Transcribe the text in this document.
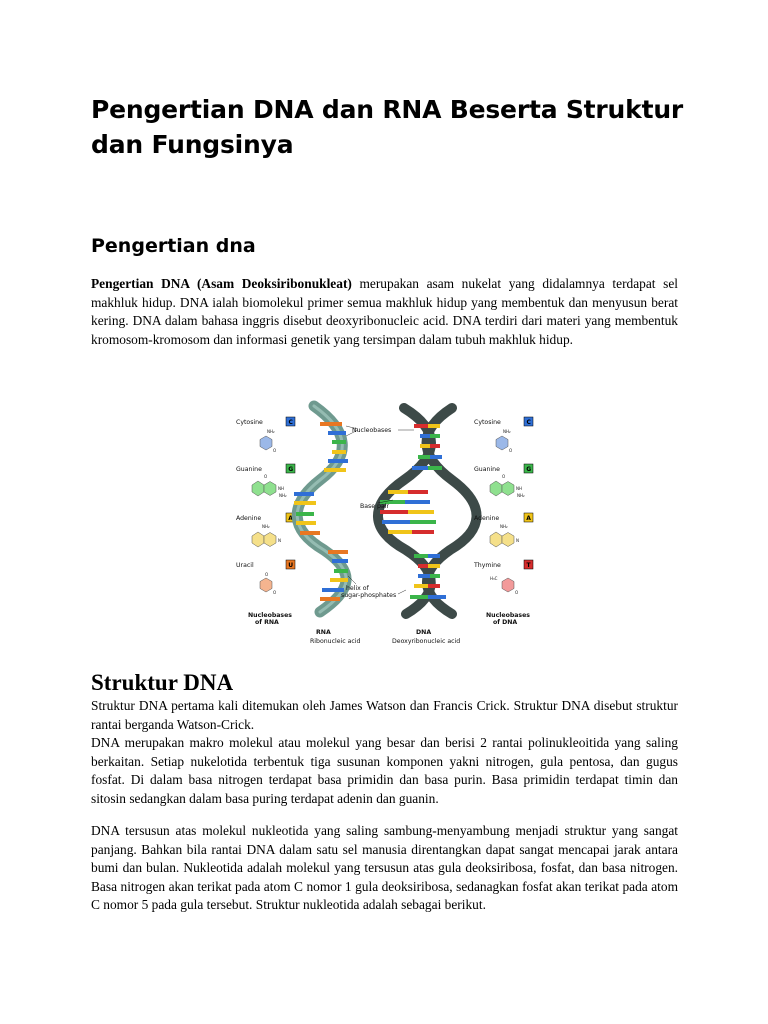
Pengertian DNA dan RNA Beserta Struktur dan Fungsinya
Pengertian dna

Pengertian DNA (Asam Deoksiribonukleat) merupakan asam nukelat yang didalamnya terdapat sel makhluk hidup. DNA ialah biomolekul primer semua makhluk hidup yang membentuk dan menyusun berat kering. DNA dalam bahasa inggris disebut deoxyribonucleic acid. DNA terdiri dari materi yang membentuk kromosom-kromosom dan informasi genetik yang tersimpan dalam tubuh makhluk hidup.

Cytosine	C
NH₂
O
Guanine	G
O
NH
NH₂
Adenine	A
NH₂
N
Uracil	U
O
O
Nucleobases
of RNA
Nucleobases
Base pair
helix of
sugar-phosphates
RNA
Ribonucleic acid
DNA
Deoxyribonucleic acid
Cytosine	C
NH₂
O
Guanine	G
O
NH
NH₂
Adenine	A
NH₂
N
Thymine	T
H₃C
O
Nucleobases
of DNA
Struktur DNA

Struktur DNA pertama kali ditemukan oleh James Watson dan Francis Crick. Struktur DNA disebut struktur rantai berganda Watson-Crick.

DNA merupakan makro molekul atau molekul yang besar dan berisi 2 rantai polinukleoitida yang saling berkaitan. Setiap nukelotida terbentuk tiga susunan komponen yakni nitrogen, gula pentosa, dan gugus fosfat. Di dalam basa nitrogen terdapat basa primidin dan basa purin. Basa primidin terdapat timin dan sitosin sedangkan dalam basa puring terdapat adenin dan guanin.

DNA tersusun atas molekul nukleotida yang saling sambung-menyambung menjadi struktur yang sangat panjang. Bahkan bila rantai DNA dalam satu sel manusia direntangkan dapat sangat mencapai jarak antara bumi dan bulan. Nukleotida adalah molekul yang tersusun atas gula deoksiribosa, fosfat, dan basa nitrogen. Basa nitrogen akan terikat pada atom C nomor 1 gula deoksiribosa, sedanagkan fosfat akan terikat pada atom C nomor 5 pada gula tersebut. Struktur nukleotida adalah sebagai berikut.
